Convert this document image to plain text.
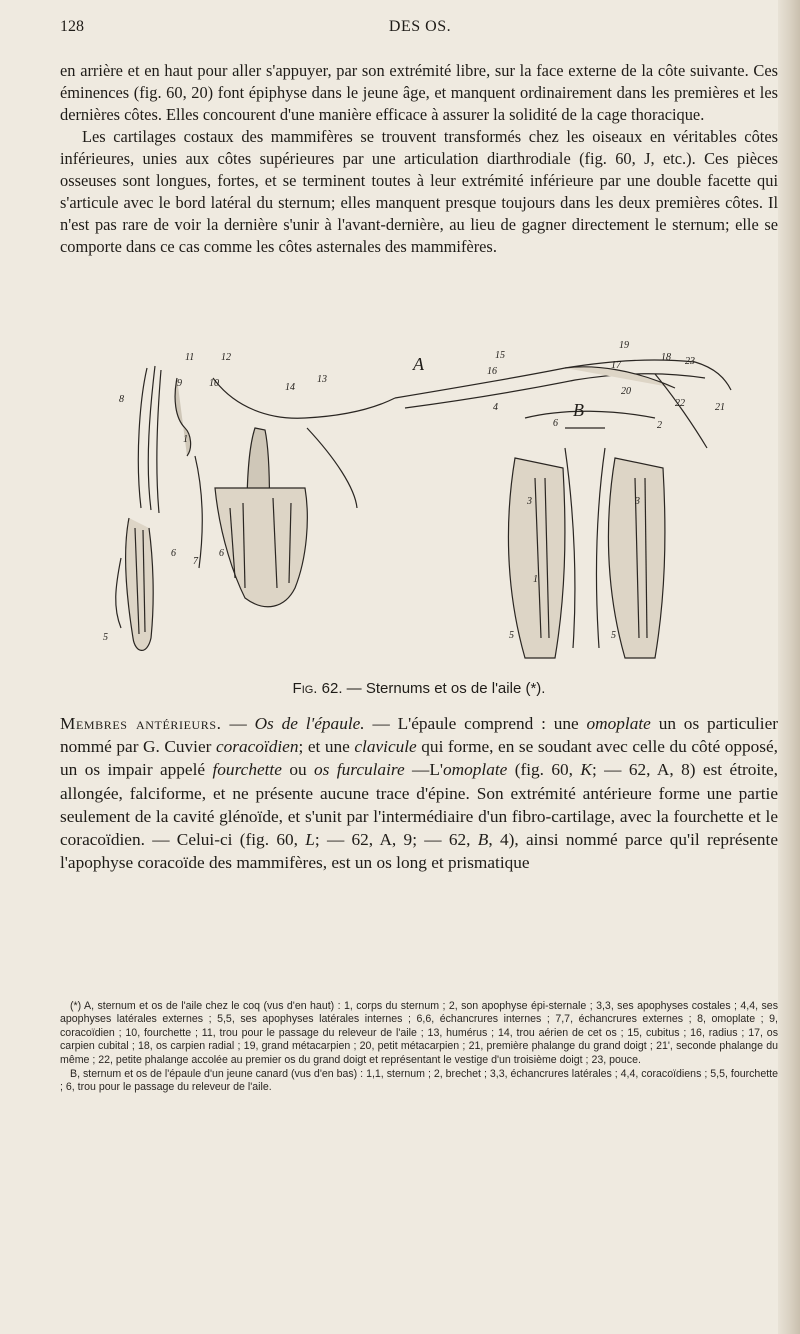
128	DES OS.

en arrière et en haut pour aller s'appuyer, par son extrémité libre, sur la face externe de la côte suivante. Ces éminences (fig. 60, 20) font épiphyse dans le jeune âge, et manquent ordinairement dans les premières et les dernières côtes. Elles concourent d'une manière efficace à assurer la solidité de la cage thoracique.

Les cartilages costaux des mammifères se trouvent transformés chez les oiseaux en véritables côtes inférieures, unies aux côtes supérieures par une articulation diarthrodiale (fig. 60, J, etc.). Ces pièces osseuses sont longues, fortes, et se terminent toutes à leur extrémité inférieure par une double facette qui s'articule avec le bord latéral du sternum; elles manquent presque toujours dans les deux premières côtes. Il n'est pas rare de voir la dernière s'unir à l'avant-dernière, au lieu de gagner directement le sternum; elle se comporte dans ce cas comme les côtes asternales des mammifères.

A
B
11	12
13
14
8
1
6	6
7
5
10
9
15
16
17
18
19
20
21
22
23
2
3	3
5	5
1
6
4
Fig. 62. — Sternums et os de l'aile (*).

Membres antérieurs. — Os de l'épaule. — L'épaule comprend : une omoplate un os particulier nommé par G. Cuvier coracoïdien; et une clavicule qui forme, en se soudant avec celle du côté opposé, un os impair appelé fourchette ou os furculaire —L'omoplate (fig. 60, K; — 62, A, 8) est étroite, allongée, falciforme, et ne présente aucune trace d'épine. Son extrémité antérieure forme une partie seulement de la cavité glénoïde, et s'unit par l'intermédiaire d'un fibro-cartilage, avec la fourchette et le coracoïdien. — Celui-ci (fig. 60, L; — 62, A, 9; — 62, B, 4), ainsi nommé parce qu'il représente l'apophyse coracoïde des mammifères, est un os long et prismatique

(*) A, sternum et os de l'aile chez le coq (vus d'en haut) : 1, corps du sternum ; 2, son apophyse épi-sternale ; 3,3, ses apophyses costales ; 4,4, ses apophyses latérales externes ; 5,5, ses apophyses latérales internes ; 6,6, échancrures internes ; 7,7, échancrures externes ; 8, omoplate ; 9, coracoïdien ; 10, fourchette ; 11, trou pour le passage du releveur de l'aile ; 13, humérus ; 14, trou aérien de cet os ; 15, cubitus ; 16, radius ; 17, os carpien cubital ; 18, os carpien radial ; 19, grand métacarpien ; 20, petit métacarpien ; 21, première phalange du grand doigt ; 21', seconde phalange du même ; 22, petite phalange accolée au premier os du grand doigt et représentant le vestige d'un troisième doigt ; 23, pouce.

B, sternum et os de l'épaule d'un jeune canard (vus d'en bas) : 1,1, sternum ; 2, brechet ; 3,3, échancrures latérales ; 4,4, coracoïdiens ; 5,5, fourchette ; 6, trou pour le passage du releveur de l'aile.
